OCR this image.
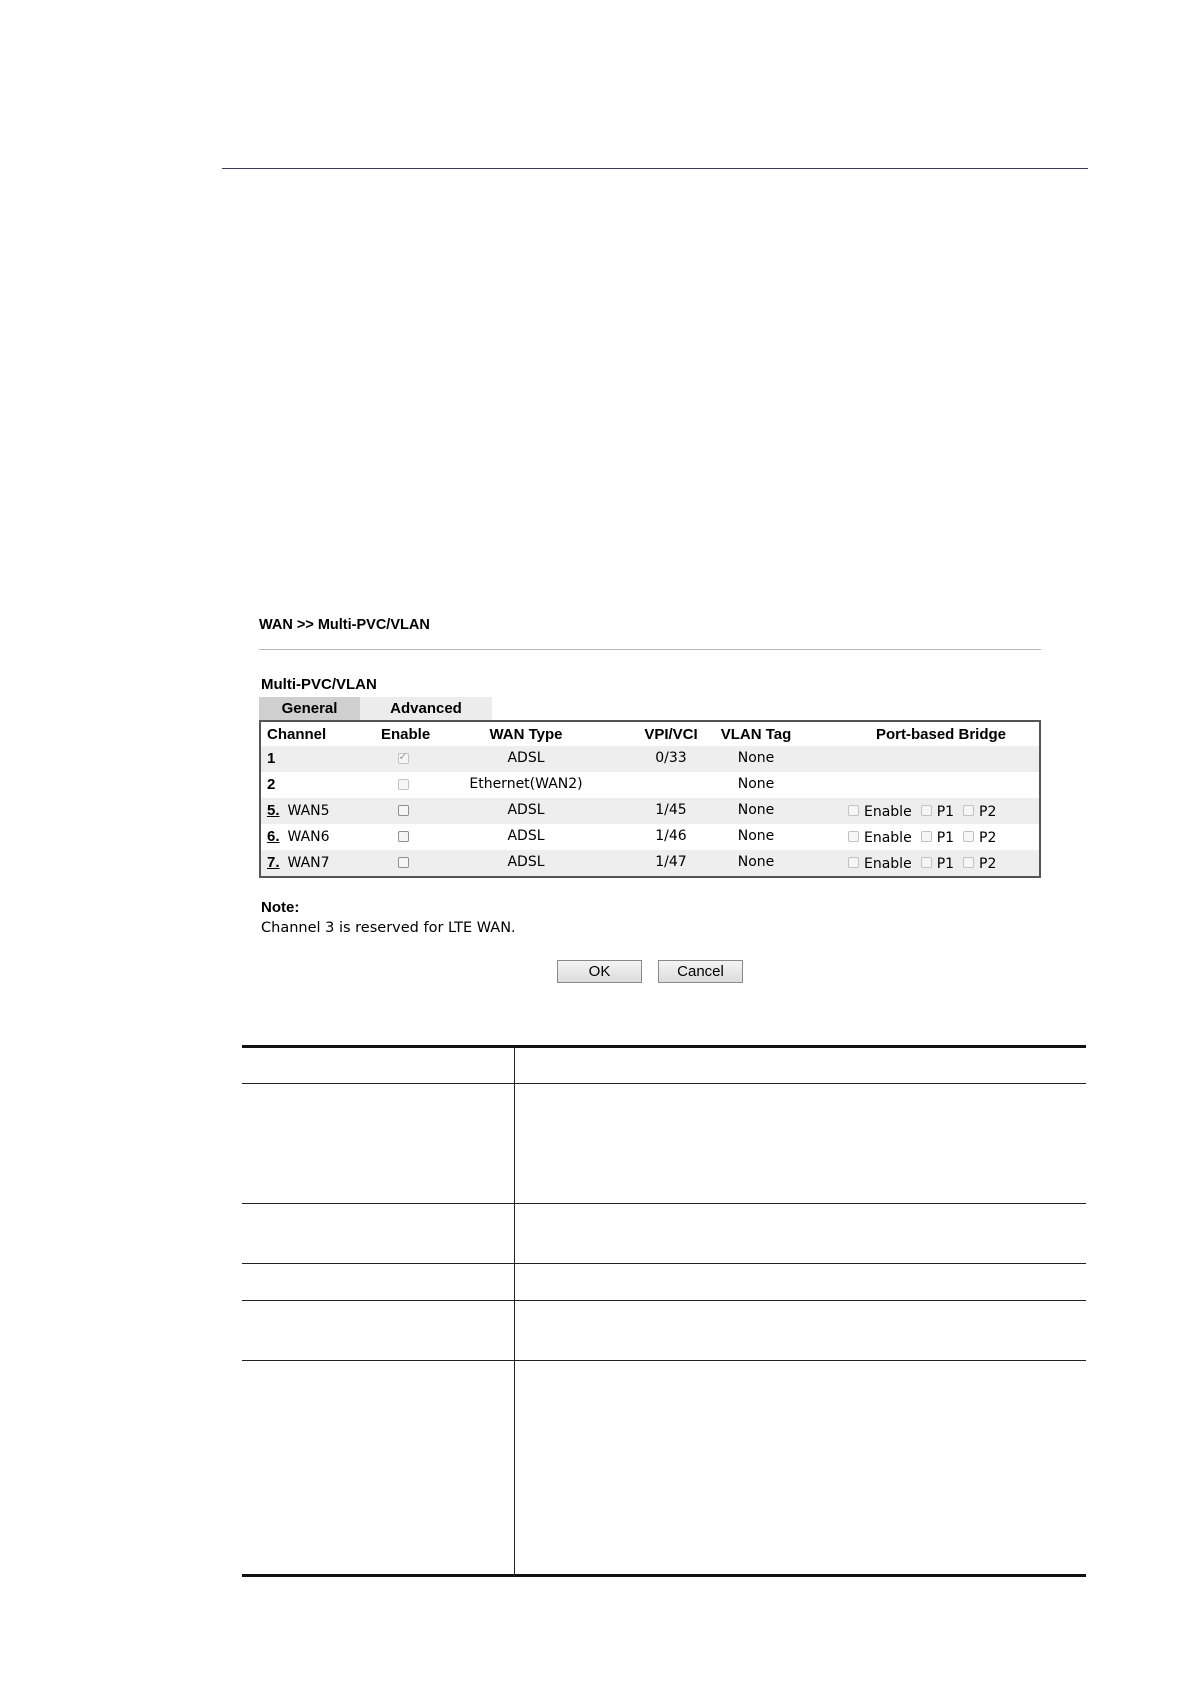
WAN >> Multi-PVC/VLAN
Multi-PVC/VLAN
General	Advanced
Channel	Enable	WAN Type	VPI/VCI	VLAN Tag	Port-based Bridge
1
✓	ADSL	0/33	None
2	Ethernet(WAN2)	None
5. WAN5	ADSL	1/45	None	Enable P1 P2
6. WAN6	ADSL	1/46	None	Enable P1 P2
7. WAN7	ADSL	1/47	None	Enable P1 P2
Note:
Channel 3 is reserved for LTE WAN.
OK	Cancel
